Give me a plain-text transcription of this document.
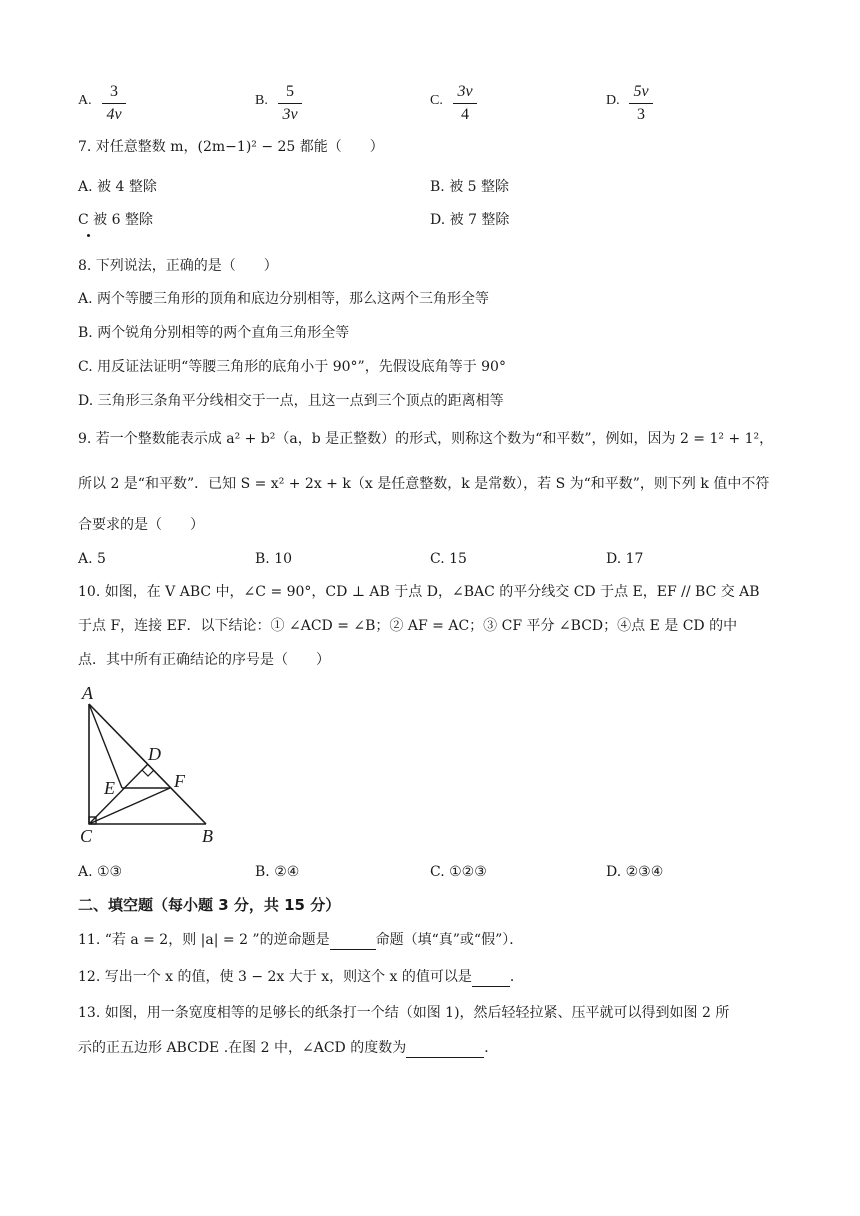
A.
3
4v
B.
5
3v
C.
3v
4
D.
5v
3
7. 对任意整数 m，(2m−1)² − 25 都能（　　）
A. 被 4 整除	B. 被 5 整除
C 被 6 整除	D. 被 7 整除
8. 下列说法，正确的是（　　）
A. 两个等腰三角形的顶角和底边分别相等，那么这两个三角形全等
B. 两个锐角分别相等的两个直角三角形全等
C. 用反证法证明“等腰三角形的底角小于 90°”，先假设底角等于 90°
D. 三角形三条角平分线相交于一点，且这一点到三个顶点的距离相等
9. 若一个整数能表示成 a² + b²（a，b 是正整数）的形式，则称这个数为“和平数”，例如，因为 2 = 1² + 1²，
所以 2 是“和平数”．已知 S = x² + 2x + k（x 是任意整数，k 是常数），若 S 为“和平数”，则下列 k 值中不符
合要求的是（　　）
A. 5	B. 10	C. 15	D. 17
10. 如图，在 V ABC 中，∠C = 90°，CD ⊥ AB 于点 D，∠BAC 的平分线交 CD 于点 E，EF // BC 交 AB
于点 F，连接 EF．以下结论：① ∠ACD = ∠B；② AF = AC；③ CF 平分 ∠BCD；④点 E 是 CD 的中
点．其中所有正确结论的序号是（　　）
A
D
E	F
C	B
A. ①③	B. ②④	C. ①②③	D. ②③④
二、填空题（每小题 3 分，共 15 分）
11. “若 a = 2，则 |a| = 2 ”的逆命题是	命题（填“真”或“假”）．
12. 写出一个 x 的值，使 3 − 2x 大于 x，则这个 x 的值可以是	．
13. 如图，用一条宽度相等的足够长的纸条打一个结（如图 1)，然后轻轻拉紧、压平就可以得到如图 2 所
示的正五边形 ABCDE .在图 2 中，∠ACD 的度数为	．
